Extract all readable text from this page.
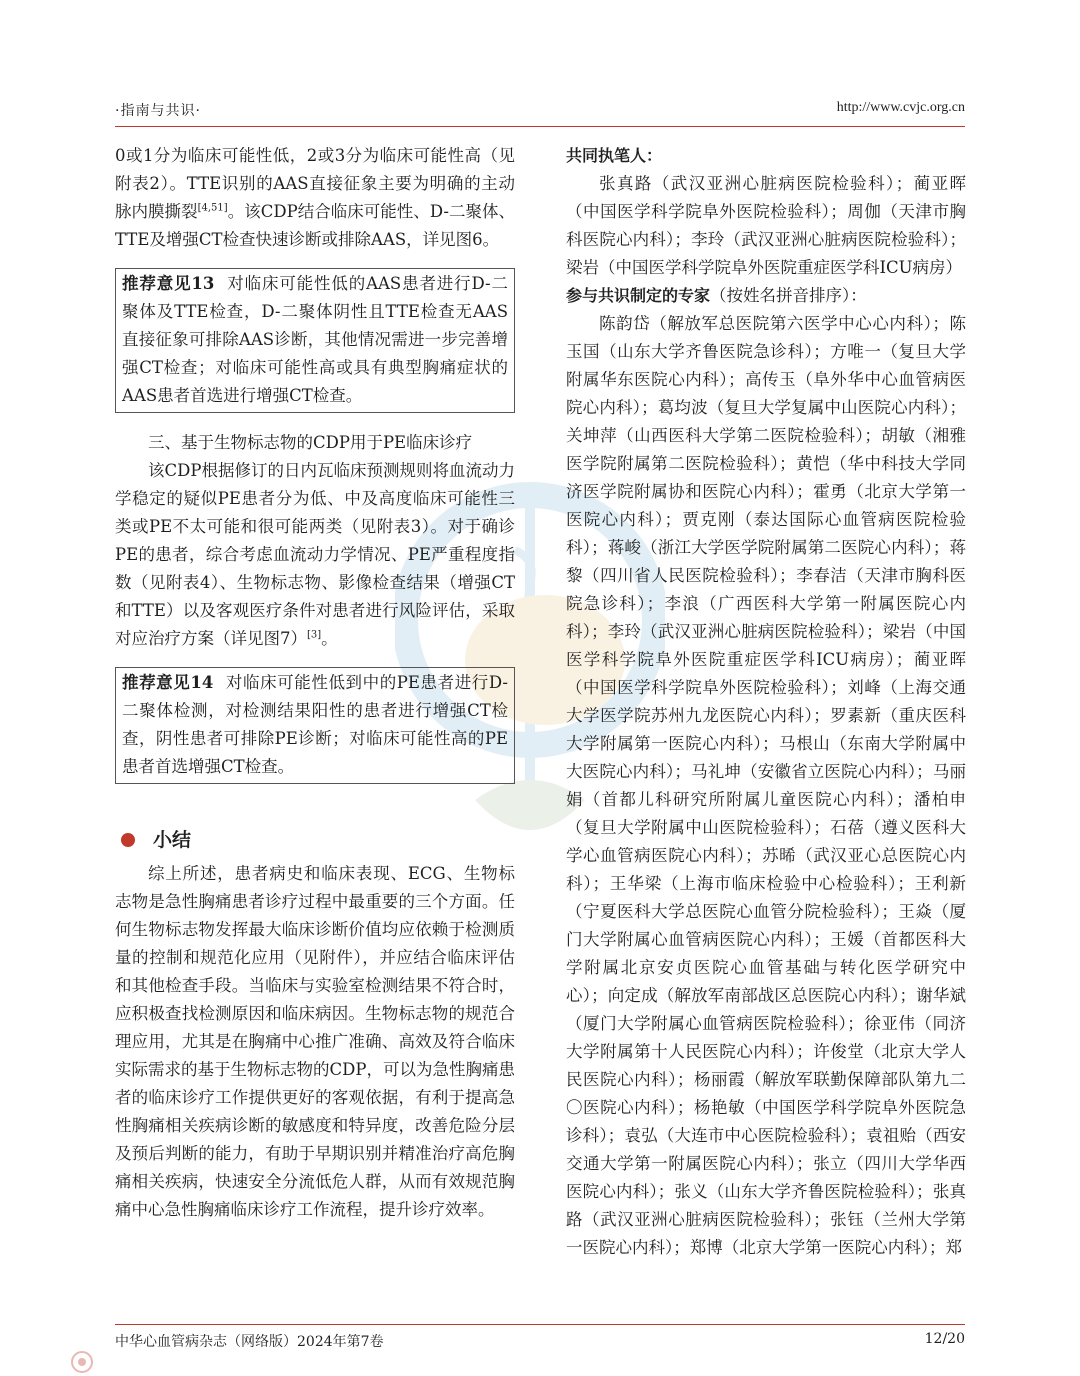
·指南与共识·	http://www.cvjc.org.cn

0或1分为临床可能性低，2或3分为临床可能性高（见附表2）。TTE识别的AAS直接征象主要为明确的主动脉内膜撕裂[4,51]。该CDP结合临床可能性、D-二聚体、TTE及增强CT检查快速诊断或排除AAS，详见图6。

推荐意见13 对临床可能性低的AAS患者进行D-二聚体及TTE检查，D-二聚体阴性且TTE检查无AAS直接征象可排除AAS诊断，其他情况需进一步完善增强CT检查；对临床可能性高或具有典型胸痛症状的AAS患者首选进行增强CT检查。

三、基于生物标志物的CDP用于PE临床诊疗

该CDP根据修订的日内瓦临床预测规则将血流动力学稳定的疑似PE患者分为低、中及高度临床可能性三类或PE不太可能和很可能两类（见附表3）。对于确诊PE的患者，综合考虑血流动力学情况、PE严重程度指数（见附表4）、生物标志物、影像检查结果（增强CT和TTE）以及客观医疗条件对患者进行风险评估，采取对应治疗方案（详见图7）[3]。

推荐意见14 对临床可能性低到中的PE患者进行D-二聚体检测，对检测结果阳性的患者进行增强CT检查，阴性患者可排除PE诊断；对临床可能性高的PE患者首选增强CT检查。
小结

综上所述，患者病史和临床表现、ECG、生物标志物是急性胸痛患者诊疗过程中最重要的三个方面。任何生物标志物发挥最大临床诊断价值均应依赖于检测质量的控制和规范化应用（见附件），并应结合临床评估和其他检查手段。当临床与实验室检测结果不符合时，应积极查找检测原因和临床病因。生物标志物的规范合理应用，尤其是在胸痛中心推广准确、高效及符合临床实际需求的基于生物标志物的CDP，可以为急性胸痛患者的临床诊疗工作提供更好的客观依据，有利于提高急性胸痛相关疾病诊断的敏感度和特异度，改善危险分层及预后判断的能力，有助于早期识别并精准治疗高危胸痛相关疾病，快速安全分流低危人群，从而有效规范胸痛中心急性胸痛临床诊疗工作流程，提升诊疗效率。

共同执笔人：

张真路（武汉亚洲心脏病医院检验科）；蔺亚晖（中国医学科学院阜外医院检验科）；周伽（天津市胸科医院心内科）；李玲（武汉亚洲心脏病医院检验科）；梁岩（中国医学科学院阜外医院重症医学科ICU病房）

参与共识制定的专家（按姓名拼音排序）：

陈韵岱（解放军总医院第六医学中心心内科）；陈玉国（山东大学齐鲁医院急诊科）；方唯一（复旦大学附属华东医院心内科）；高传玉（阜外华中心血管病医院心内科）；葛均波（复旦大学复属中山医院心内科）；关坤萍（山西医科大学第二医院检验科）；胡敏（湘雅医学院附属第二医院检验科）；黄恺（华中科技大学同济医学院附属协和医院心内科）；霍勇（北京大学第一医院心内科）；贾克刚（泰达国际心血管病医院检验科）；蒋峻（浙江大学医学院附属第二医院心内科）；蒋黎（四川省人民医院检验科）；李春洁（天津市胸科医院急诊科）；李浪（广西医科大学第一附属医院心内科）；李玲（武汉亚洲心脏病医院检验科）；梁岩（中国医学科学院阜外医院重症医学科ICU病房）；蔺亚晖（中国医学科学院阜外医院检验科）；刘峰（上海交通大学医学院苏州九龙医院心内科）；罗素新（重庆医科大学附属第一医院心内科）；马根山（东南大学附属中大医院心内科）；马礼坤（安徽省立医院心内科）；马丽娟（首都儿科研究所附属儿童医院心内科）；潘柏申（复旦大学附属中山医院检验科）；石蓓（遵义医科大学心血管病医院心内科）；苏晞（武汉亚心总医院心内科）；王华梁（上海市临床检验中心检验科）；王利新（宁夏医科大学总医院心血管分院检验科）；王焱（厦门大学附属心血管病医院心内科）；王媛（首都医科大学附属北京安贞医院心血管基础与转化医学研究中心）；向定成（解放军南部战区总医院心内科）；谢华斌（厦门大学附属心血管病医院检验科）；徐亚伟（同济大学附属第十人民医院心内科）；许俊堂（北京大学人民医院心内科）；杨丽霞（解放军联勤保障部队第九二〇医院心内科）；杨艳敏（中国医学科学院阜外医院急诊科）；袁弘（大连市中心医院检验科）；袁祖贻（西安交通大学第一附属医院心内科）；张立（四川大学华西医院心内科）；张义（山东大学齐鲁医院检验科）；张真路（武汉亚洲心脏病医院检验科）；张钰（兰州大学第一医院心内科）；郑博（北京大学第一医院心内科）；郑

中华心血管病杂志（网络版）2024年第7卷	12/20
